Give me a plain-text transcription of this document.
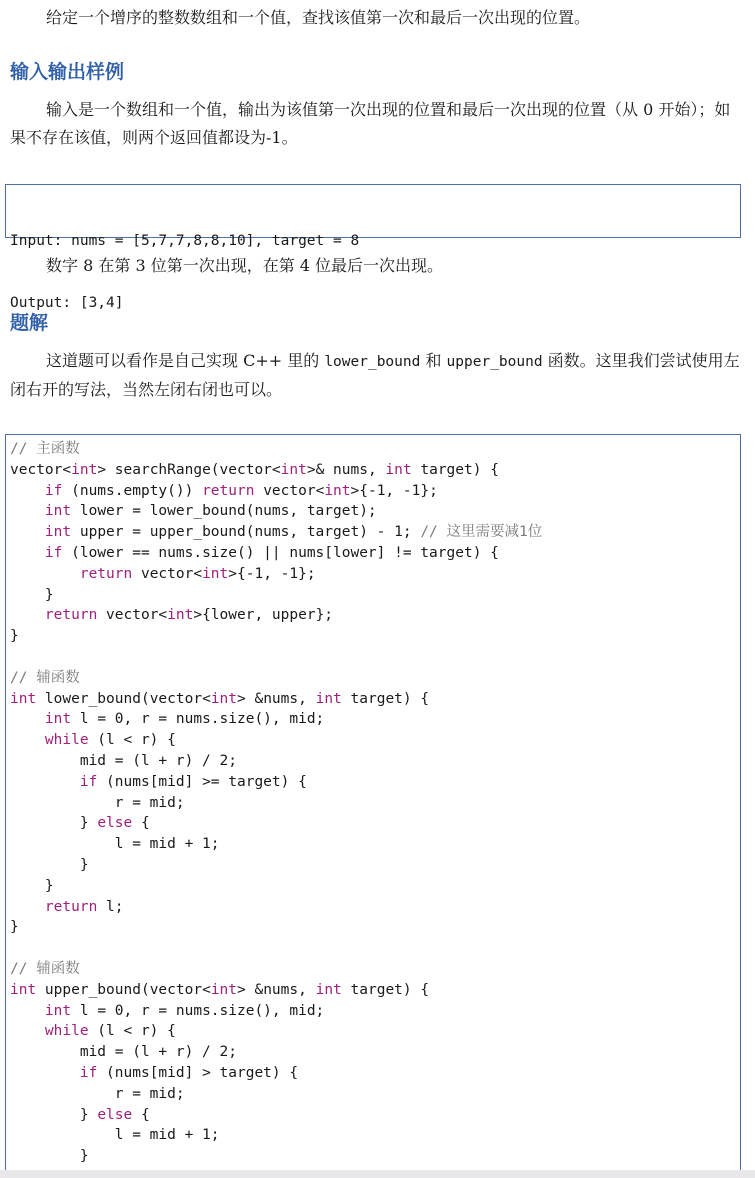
给定一个增序的整数数组和一个值，查找该值第一次和最后一次出现的位置。
输入输出样例
输入是一个数组和一个值，输出为该值第一次出现的位置和最后一次出现的位置（从 0 开始）；如果不存在该值，则两个返回值都设为-1。

Input: nums = [5,7,7,8,8,10], target = 8

Output: [3,4]

数字 8 在第 3 位第一次出现，在第 4 位最后一次出现。
题解
这道题可以看作是自己实现 C++ 里的 lower_bound 和 upper_bound 函数。这里我们尝试使用左闭右开的写法，当然左闭右闭也可以。
// 主函数
vector<int> searchRange(vector<int>& nums, int target) {
if (nums.empty()) return vector<int>{-1, -1};
int lower = lower_bound(nums, target);
int upper = upper_bound(nums, target) - 1; // 这里需要减1位
if (lower == nums.size() || nums[lower] != target) {
return vector<int>{-1, -1};
}
return vector<int>{lower, upper};
}
// 辅函数
int lower_bound(vector<int> &nums, int target) {
int l = 0, r = nums.size(), mid;
while (l < r) {
mid = (l + r) / 2;
if (nums[mid] >= target) {
r = mid;
} else {
l = mid + 1;
}
}
return l;
}
// 辅函数
int upper_bound(vector<int> &nums, int target) {
int l = 0, r = nums.size(), mid;
while (l < r) {
mid = (l + r) / 2;
if (nums[mid] > target) {
r = mid;
} else {
l = mid + 1;
}
